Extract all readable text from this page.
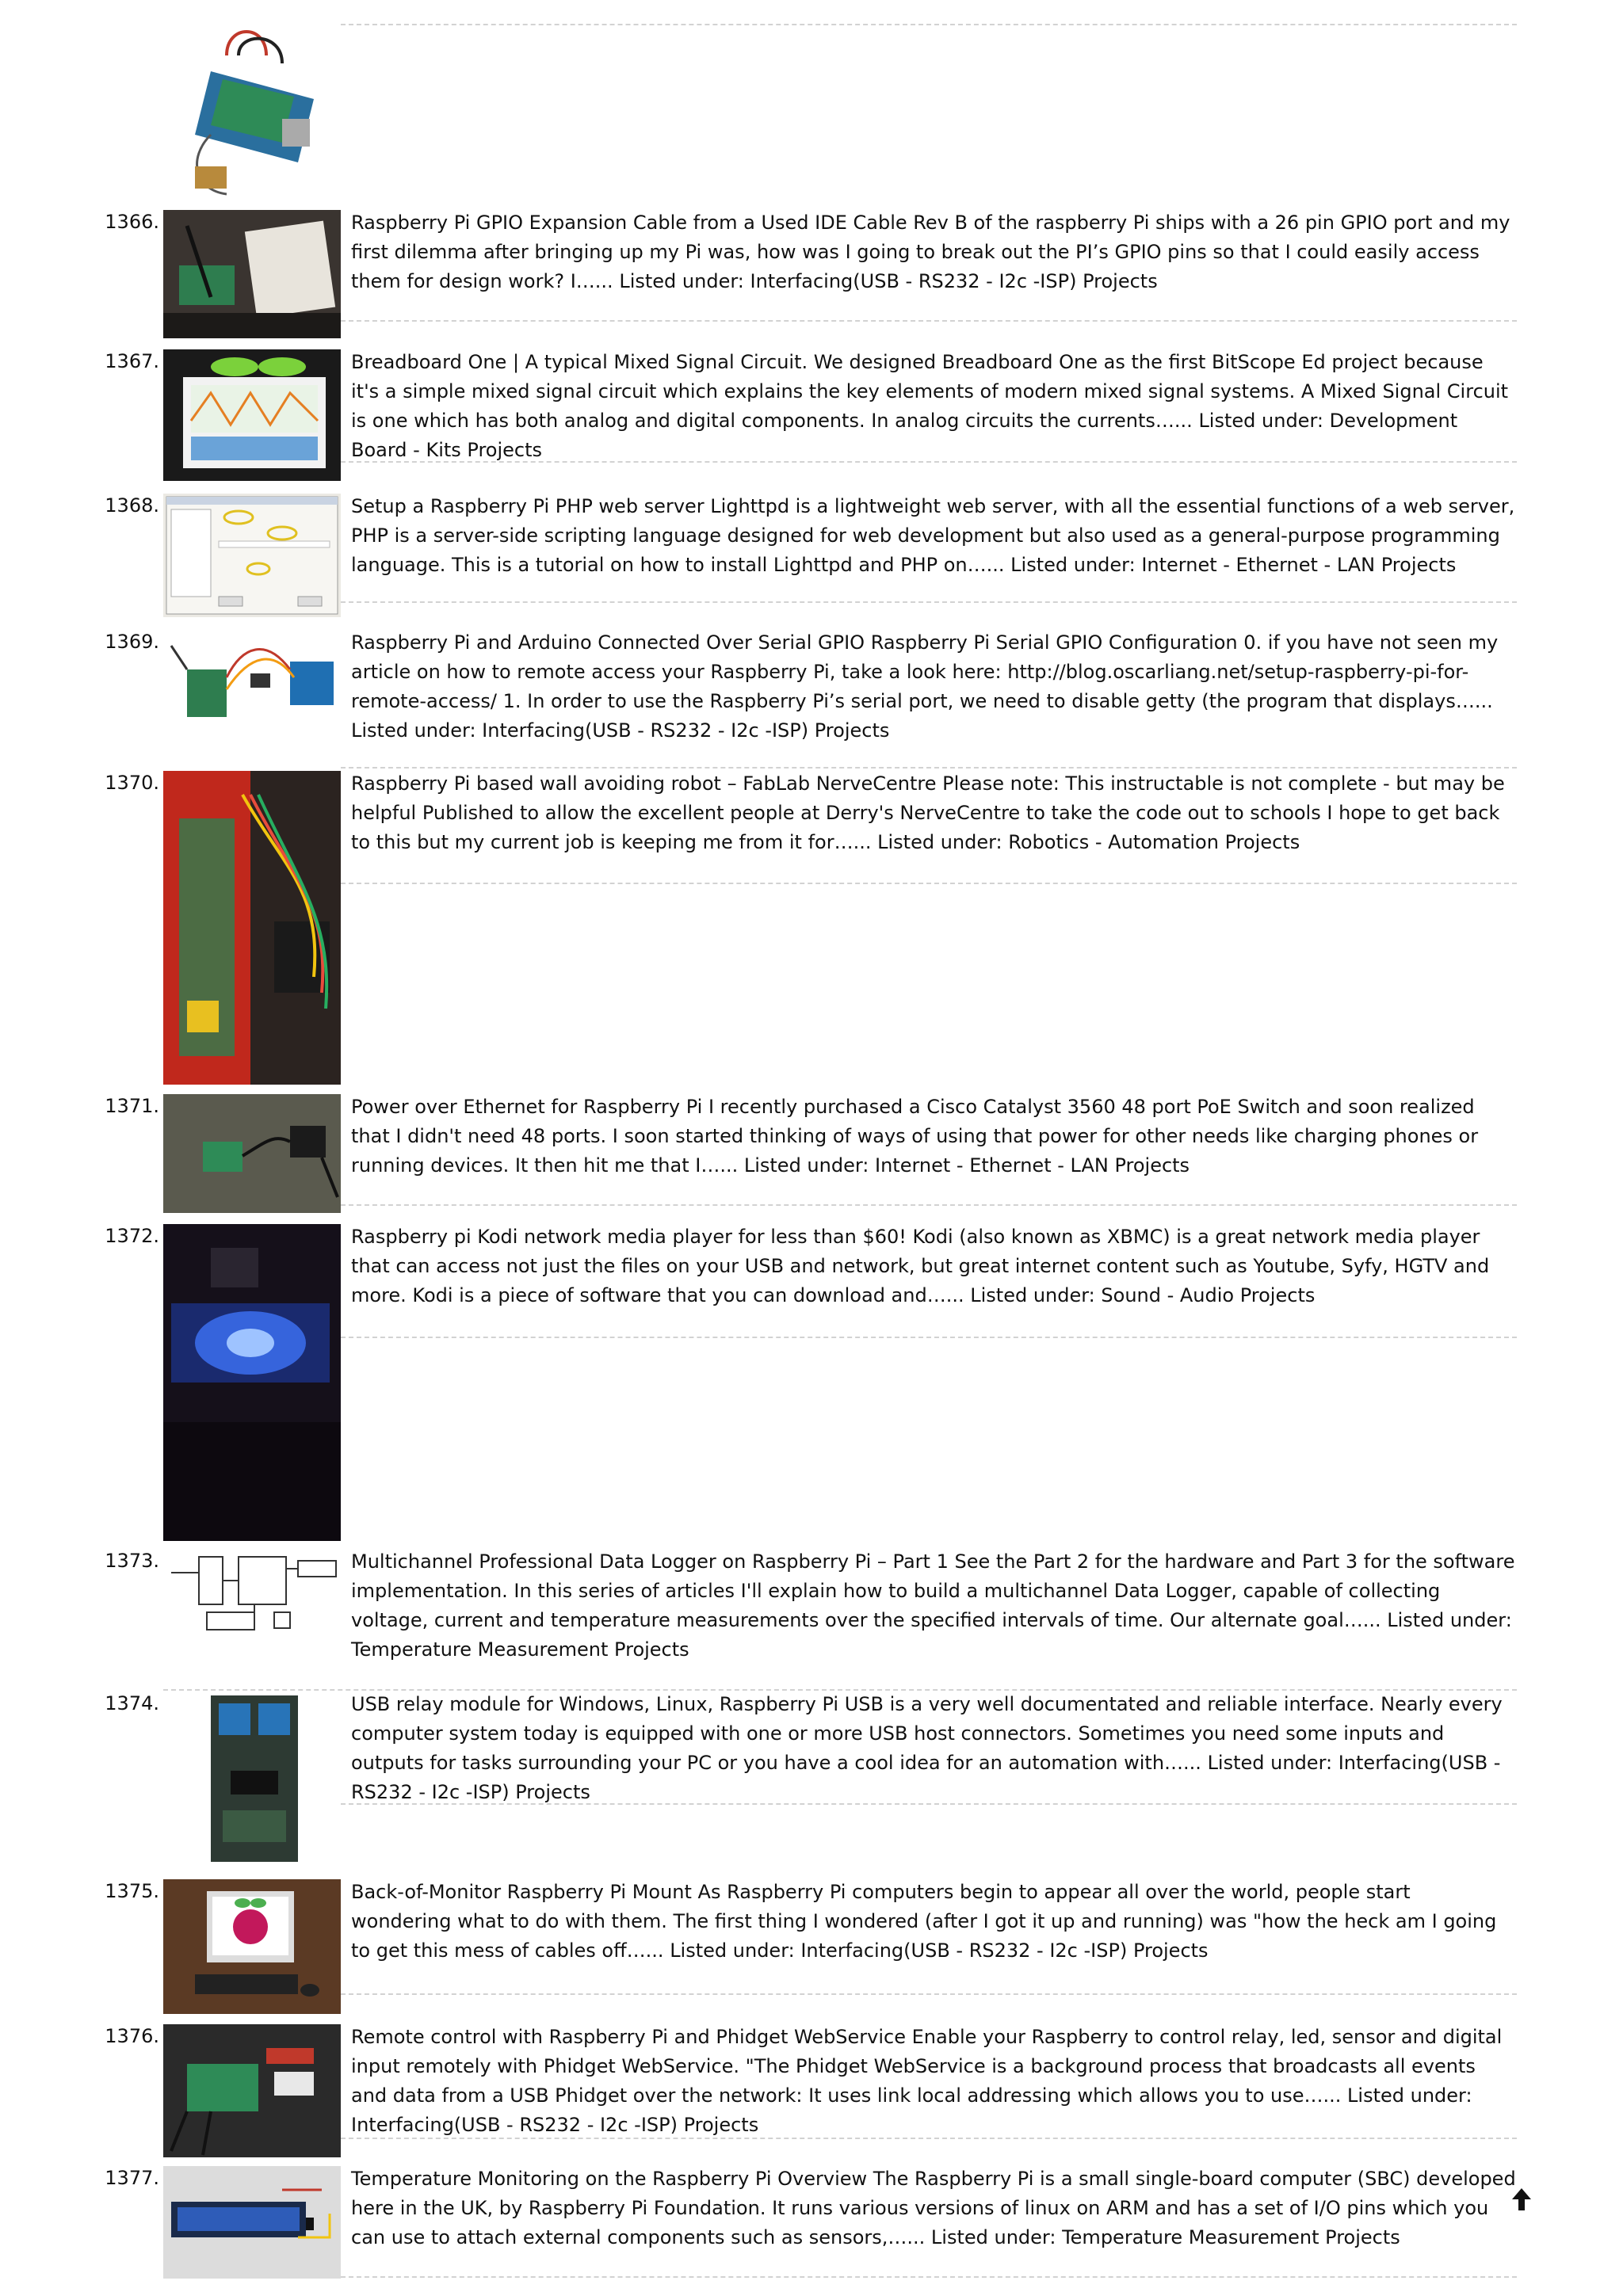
1366.	Raspberry Pi GPIO Expansion Cable from a Used IDE Cable Rev B of the raspberry Pi ships with a 26 pin GPIO port and my first dilemma after bringing up my Pi was, how was I going to break out the PI’s GPIO pins so that I could easily access them for design work? I…... Listed under: Interfacing(USB - RS232 - I2c -ISP) Projects

1367.	Breadboard One | A typical Mixed Signal Circuit. We designed Breadboard One as the first BitScope Ed project because it's a simple mixed signal circuit which explains the key elements of modern mixed signal systems. A Mixed Signal Circuit is one which has both analog and digital components. In analog circuits the currents…... Listed under: Development Board - Kits Projects

1368.	Setup a Raspberry Pi PHP web server Lighttpd is a lightweight web server, with all the essential functions of a web server, PHP is a server-side scripting language designed for web development but also used as a general-purpose programming language. This is a tutorial on how to install Lighttpd and PHP on…... Listed under: Internet - Ethernet - LAN Projects

1369.	Raspberry Pi and Arduino Connected Over Serial GPIO Raspberry Pi Serial GPIO Configuration 0. if you have not seen my article on how to remote access your Raspberry Pi, take a look here: http://blog.oscarliang.net/setup-raspberry-pi-for-remote-access/ 1. In order to use the Raspberry Pi’s serial port, we need to disable getty (the program that displays…... Listed under: Interfacing(USB - RS232 - I2c -ISP) Projects

1370.	Raspberry Pi based wall avoiding robot – FabLab NerveCentre Please note: This instructable is not complete - but may be helpful Published to allow the excellent people at Derry's NerveCentre to take the code out to schools I hope to get back to this but my current job is keeping me from it for…... Listed under: Robotics - Automation Projects

1371.	Power over Ethernet for Raspberry Pi I recently purchased a Cisco Catalyst 3560 48 port PoE Switch and soon realized that I didn't need 48 ports. I soon started thinking of ways of using that power for other needs like charging phones or running devices. It then hit me that I…... Listed under: Internet - Ethernet - LAN Projects

1372.	Raspberry pi Kodi network media player for less than $60! Kodi (also known as XBMC) is a great network media player that can access not just the files on your USB and network, but great internet content such as Youtube, Syfy, HGTV and more. Kodi is a piece of software that you can download and…... Listed under: Sound - Audio Projects

1373.	Multichannel Professional Data Logger on Raspberry Pi – Part 1 See the Part 2 for the hardware and Part 3 for the software implementation. In this series of articles I'll explain how to build a multichannel Data Logger, capable of collecting voltage, current and temperature measurements over the specified intervals of time. Our alternate goal…... Listed under: Temperature Measurement Projects

1374.	USB relay module for Windows, Linux, Raspberry Pi USB is a very well documentated and reliable interface. Nearly every computer system today is equipped with one or more USB host connectors. Sometimes you need some inputs and outputs for tasks surrounding your PC or you have a cool idea for an automation with…... Listed under: Interfacing(USB - RS232 - I2c -ISP) Projects

1375.	Back-of-Monitor Raspberry Pi Mount As Raspberry Pi computers begin to appear all over the world, people start wondering what to do with them. The first thing I wondered (after I got it up and running) was "how the heck am I going to get this mess of cables off…... Listed under: Interfacing(USB - RS232 - I2c -ISP) Projects

1376.	Remote control with Raspberry Pi and Phidget WebService Enable your Raspberry to control relay, led, sensor and digital input remotely with Phidget WebService. "The Phidget WebService is a background process that broadcasts all events and data from a USB Phidget over the network: It uses link local addressing which allows you to use…... Listed under: Interfacing(USB - RS232 - I2c -ISP) Projects

1377.	Temperature Monitoring on the Raspberry Pi Overview The Raspberry Pi is a small single-board computer (SBC) developed here in the UK, by Raspberry Pi Foundation. It runs various versions of linux on ARM and has a set of I/O pins which you can use to attach external components such as sensors,…... Listed under: Temperature Measurement Projects
